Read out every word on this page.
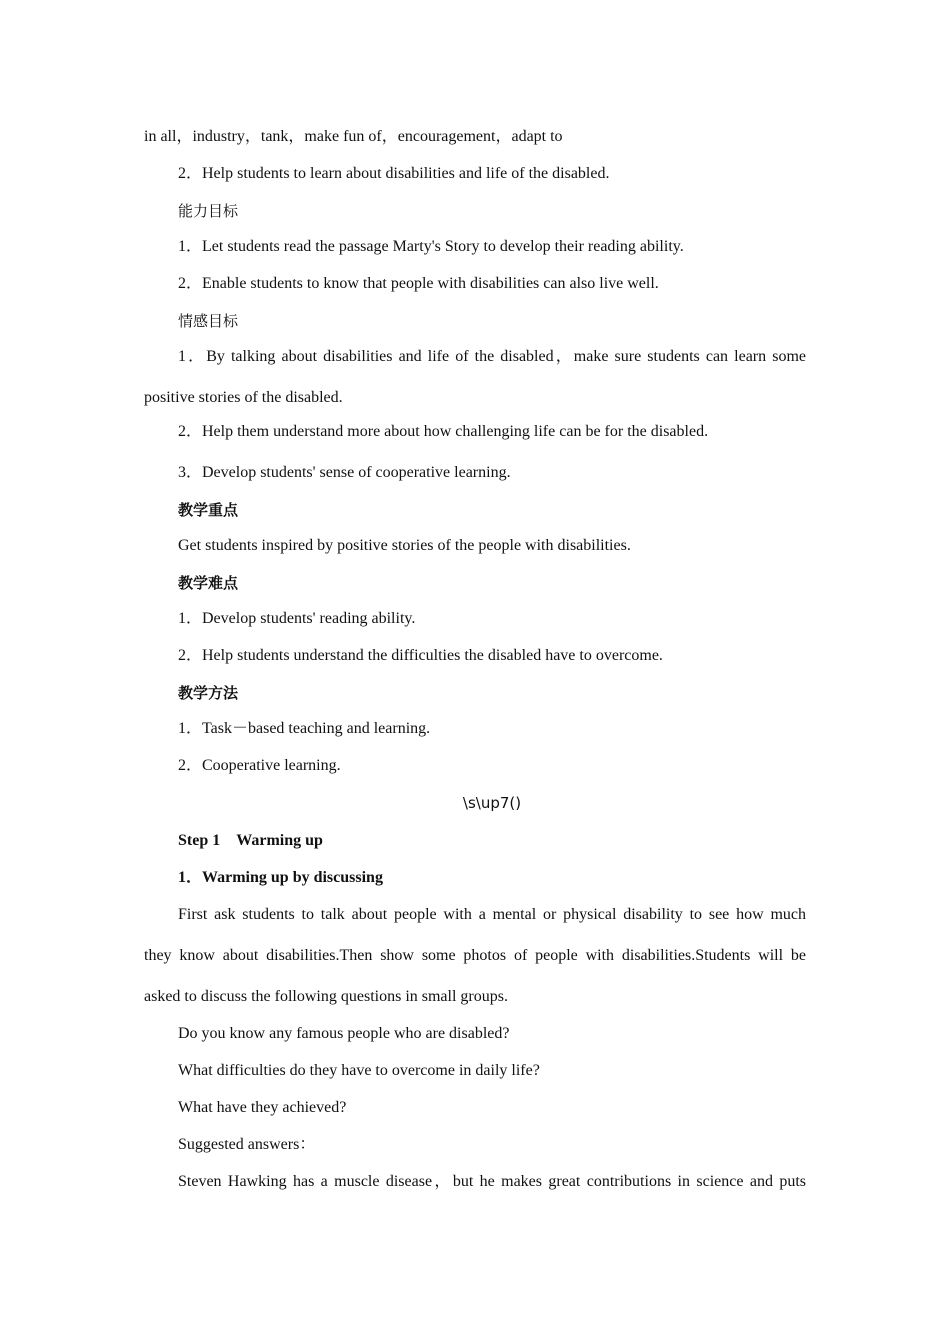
in all，industry，tank，make fun of，encouragement，adapt to
2．Help students to learn about disabilities and life of the disabled.
能力目标
1．Let students read the passage Marty's Story to develop their reading ability.
2．Enable students to know that people with disabilities can also live well.
情感目标
1．By talking about disabilities and life of the disabled，make sure students can learn some
positive stories of the disabled.
2．Help them understand more about how challenging life can be for the disabled.
3．Develop students' sense of cooperative learning.
教学重点
Get students inspired by positive stories of the people with disabilities.
教学难点
1．Develop students' reading ability.
2．Help students understand the difficulties the disabled have to overcome.
教学方法
1．Task－based teaching and learning.
2．Cooperative learning.
\s\up7()
Step 1　Warming up
1．Warming up by discussing
First ask students to talk about people with a mental or physical disability to see how much
they know about disabilities.Then show some photos of people with disabilities.Students will be
asked to discuss the following questions in small groups.
Do you know any famous people who are disabled?
What difficulties do they have to overcome in daily life?
What have they achieved?
Suggested answers：
Steven Hawking has a muscle disease，but he makes great contributions in science and puts
